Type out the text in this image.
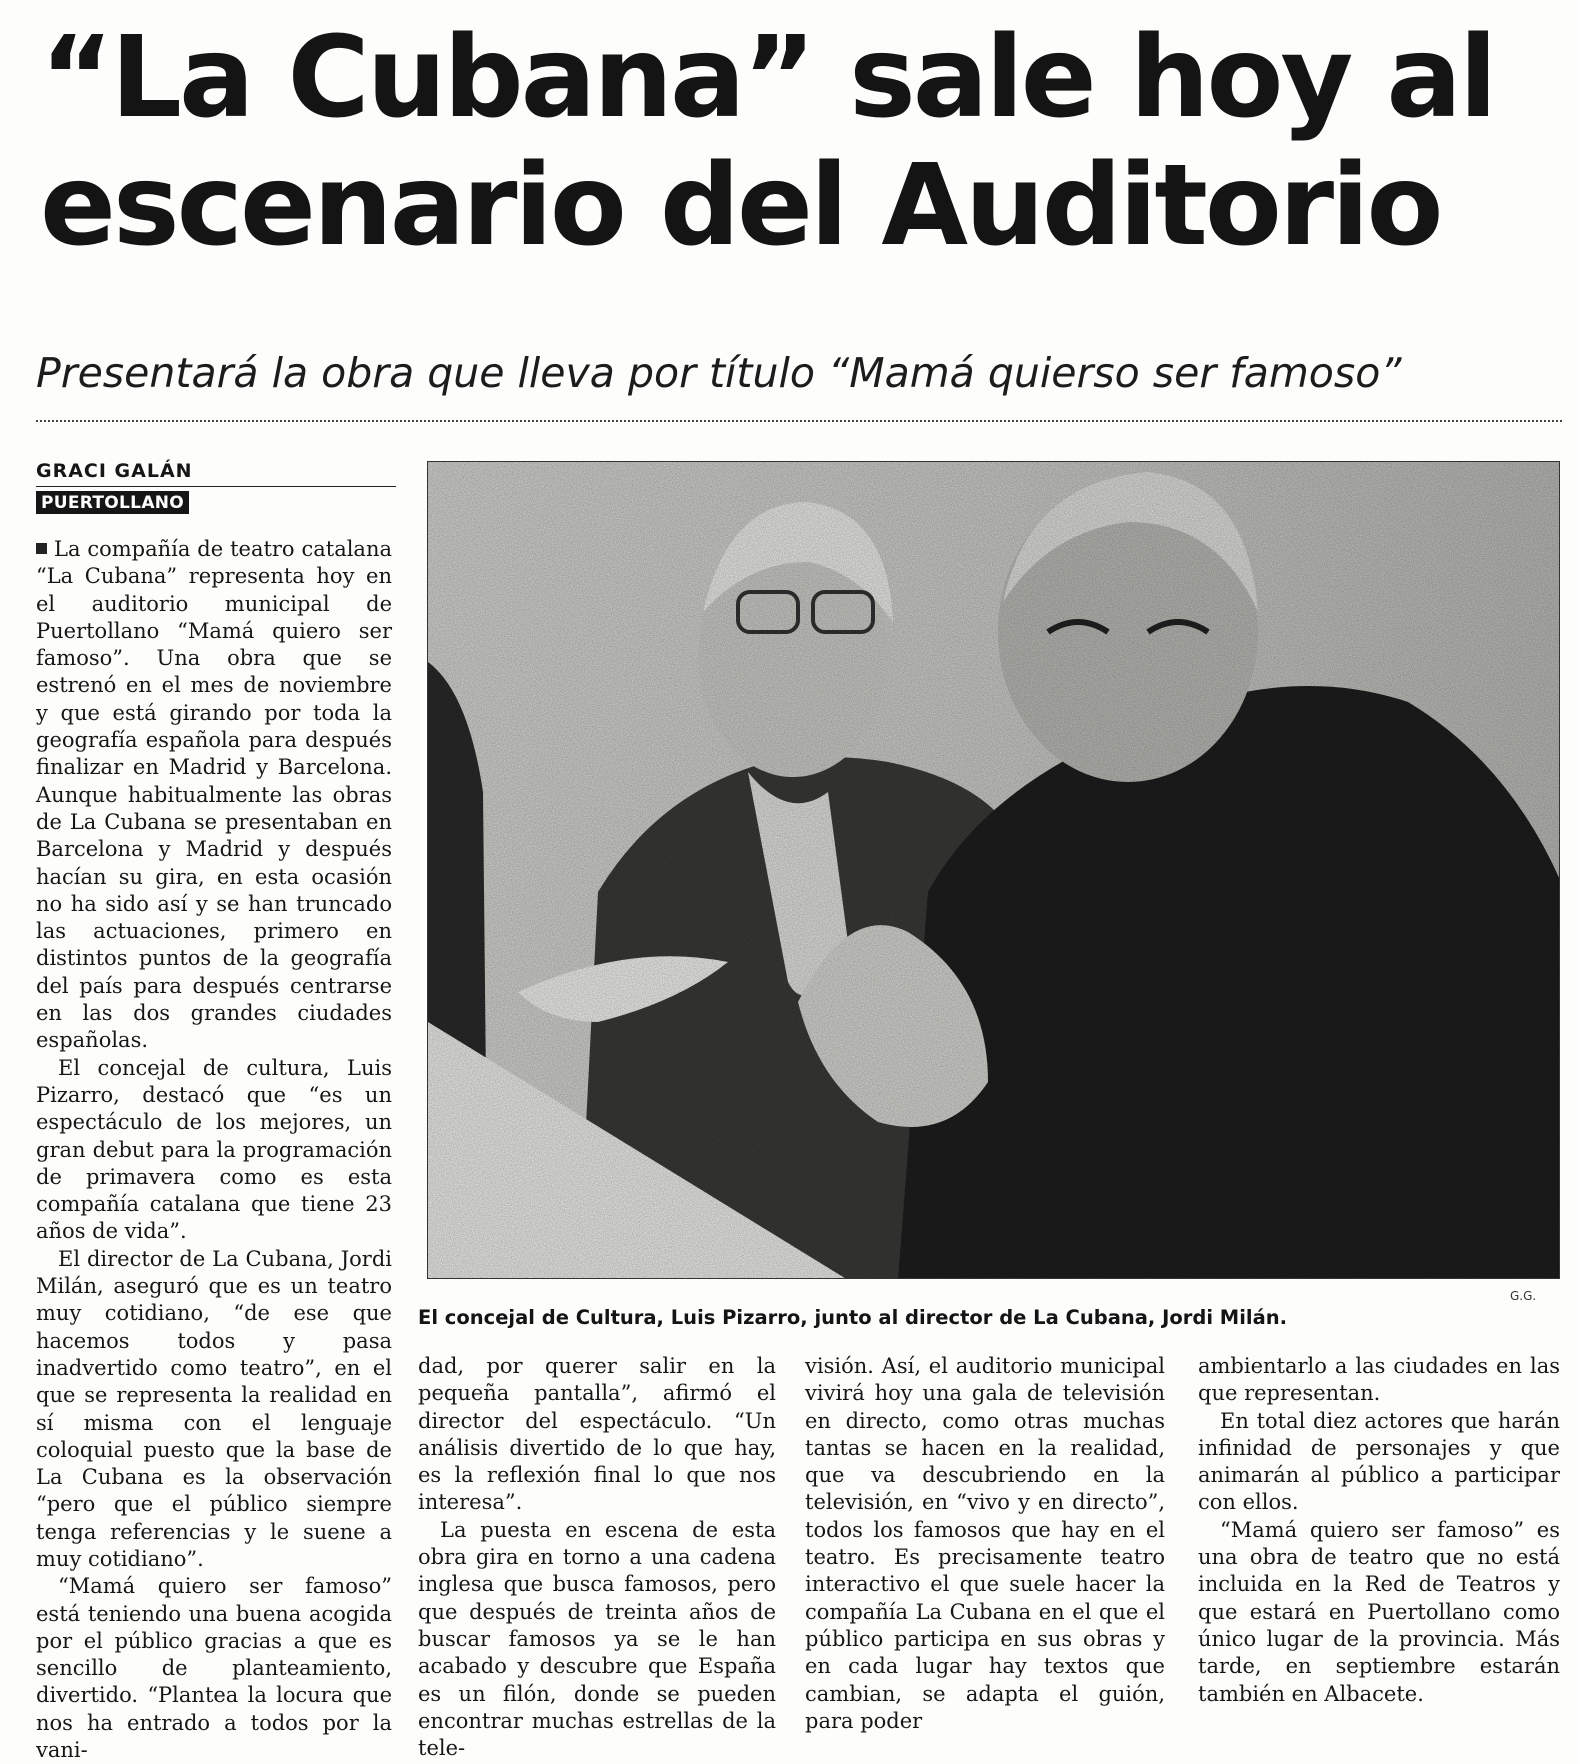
“La Cubana” sale hoy al
escenario del Auditorio

Presentará la obra que lleva por título “Mamá quierso ser famoso”

GRACI GALÁN
PUERTOLLANO

La compañía de teatro catalana “La Cubana” representa hoy en el auditorio municipal de Puertollano “Mamá quiero ser famoso”. Una obra que se estrenó en el mes de noviembre y que está girando por toda la geografía española para después finalizar en Madrid y Barcelona. Aunque habitualmente las obras de La Cubana se presentaban en Barcelona y Madrid y después hacían su gira, en esta ocasión no ha sido así y se han truncado las actuaciones, primero en distintos puntos de la geografía del país para después centrarse en las dos grandes ciudades españolas.

El concejal de cultura, Luis Pizarro, destacó que “es un espectáculo de los mejores, un gran debut para la programación de primavera como es esta compañía catalana que tiene 23 años de vida”.

El director de La Cubana, Jordi Milán, aseguró que es un teatro muy cotidiano, “de ese que hacemos todos y pasa inadvertido como teatro”, en el que se representa la realidad en sí misma con el lenguaje coloquial puesto que la base de La Cubana es la observación “pero que el público siempre tenga referencias y le suene a muy cotidiano”.

“Mamá quiero ser famoso” está teniendo una buena acogida por el público gracias a que es sencillo de planteamiento, divertido. “Plantea la locura que nos ha entrado a todos por la vani-

G.G.
El concejal de Cultura, Luis Pizarro, junto al director de La Cubana, Jordi Milán.

dad, por querer salir en la pequeña pantalla”, afirmó el director del espectáculo. “Un análisis divertido de lo que hay, es la reflexión final lo que nos interesa”.

La puesta en escena de esta obra gira en torno a una cadena inglesa que busca famosos, pero que después de treinta años de buscar famosos ya se le han acabado y descubre que España es un filón, donde se pueden encontrar muchas estrellas de la tele-

visión. Así, el auditorio municipal vivirá hoy una gala de televisión en directo, como otras muchas tantas se hacen en la realidad, que va descubriendo en la televisión, en “vivo y en directo”, todos los famosos que hay en el teatro. Es precisamente teatro interactivo el que suele hacer la compañía La Cubana en el que el público participa en sus obras y en cada lugar hay textos que cambian, se adapta el guión, para poder

ambientarlo a las ciudades en las que representan.

En total diez actores que harán infinidad de personajes y que animarán al público a participar con ellos.

“Mamá quiero ser famoso” es una obra de teatro que no está incluida en la Red de Teatros y que estará en Puertollano como único lugar de la provincia. Más tarde, en septiembre estarán también en Albacete.
